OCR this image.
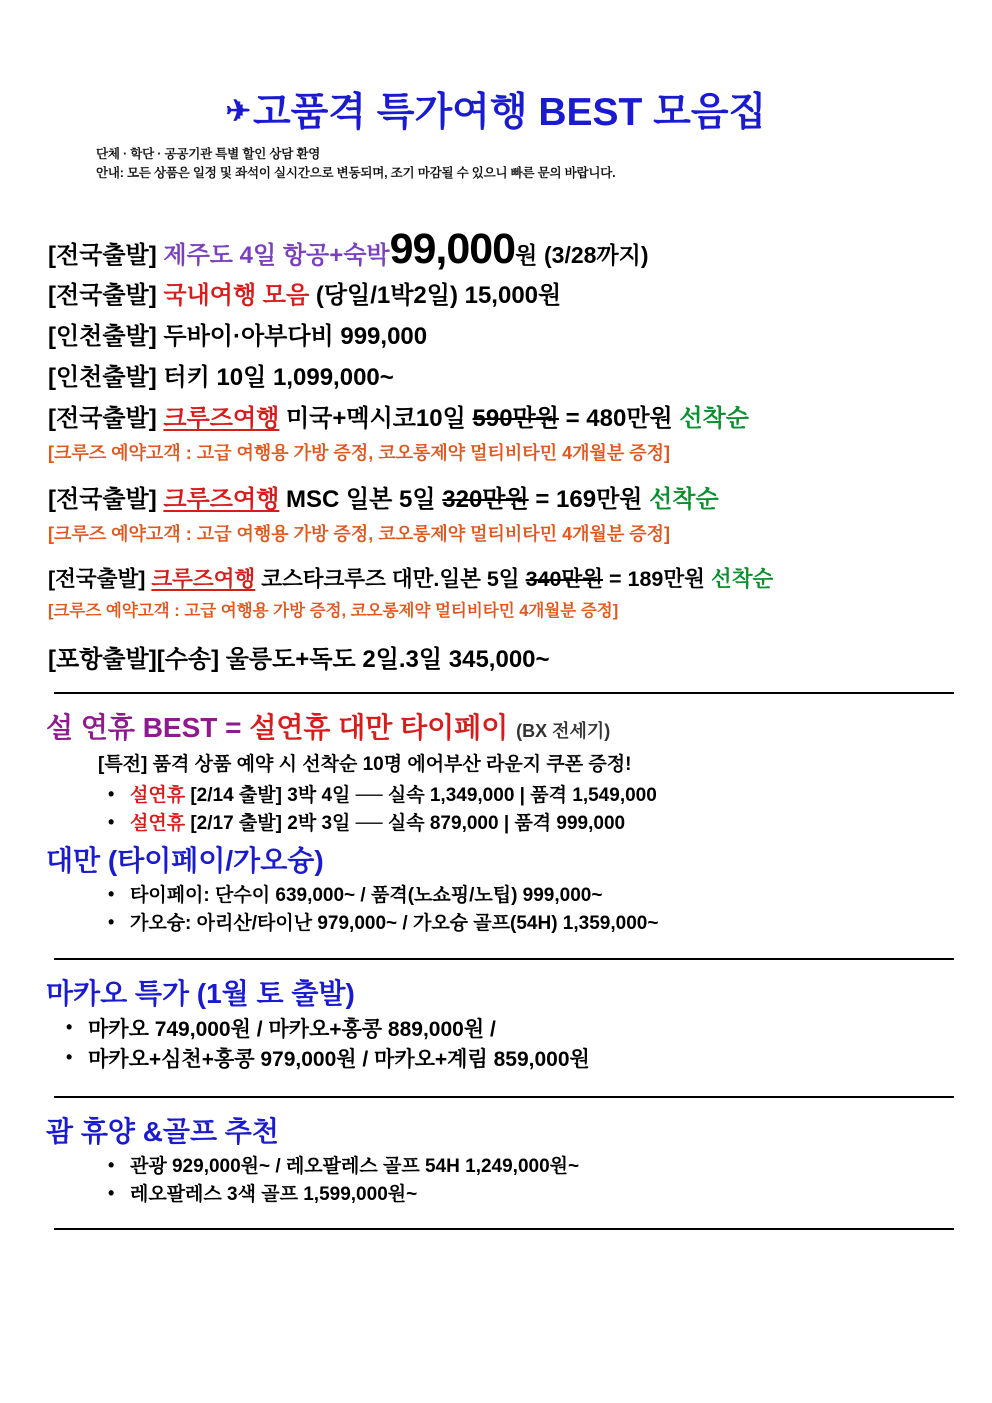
✈고품격 특가여행 BEST 모음집
단체 · 학단 · 공공기관 특별 할인 상담 환영
안내: 모든 상품은 일정 및 좌석이 실시간으로 변동되며, 조기 마감될 수 있으니 빠른 문의 바랍니다.
[전국출발] 제주도 4일 항공+숙박99,000원 (3/28까지)
[전국출발] 국내여행 모음 (당일/1박2일) 15,000원
[인천출발] 두바이·아부다비 999,000
[인천출발] 터키 10일 1,099,000~
[전국출발] 크루즈여행 미국+멕시코10일 590만원 = 480만원 선착순
[크루즈 예약고객 : 고급 여행용 가방 증정, 코오롱제약 멀티비타민 4개월분 증정]
[전국출발] 크루즈여행 MSC 일본 5일 320만원 = 169만원 선착순
[크루즈 예약고객 : 고급 여행용 가방 증정, 코오롱제약 멀티비타민 4개월분 증정]
[전국출발] 크루즈여행 코스타크루즈 대만.일본 5일 340만원 = 189만원 선착순
[크루즈 예약고객 : 고급 여행용 가방 증정, 코오롱제약 멀티비타민 4개월분 증정]
[포항출발][수송] 울릉도+독도 2일.3일 345,000~
설 연휴 BEST = 설연휴 대만 타이페이 (BX 전세기)
[특전] 품격 상품 예약 시 선착순 10명 에어부산 라운지 쿠폰 증정!
• 설연휴 [2/14 출발] 3박 4일 ── 실속 1,349,000 | 품격 1,549,000
• 설연휴 [2/17 출발] 2박 3일 ── 실속 879,000 | 품격 999,000
대만 (타이페이/가오슝)
• 타이페이: 단수이 639,000~ / 품격(노쇼핑/노팁) 999,000~
• 가오슝: 아리산/타이난 979,000~ / 가오슝 골프(54H) 1,359,000~
마카오 특가 (1월 토 출발)
• 마카오 749,000원 / 마카오+홍콩 889,000원 /
• 마카오+심천+홍콩 979,000원 / 마카오+계림 859,000원
괌 휴양 &골프 추천
• 관광 929,000원~ / 레오팔레스 골프 54H 1,249,000원~
• 레오팔레스 3색 골프 1,599,000원~
